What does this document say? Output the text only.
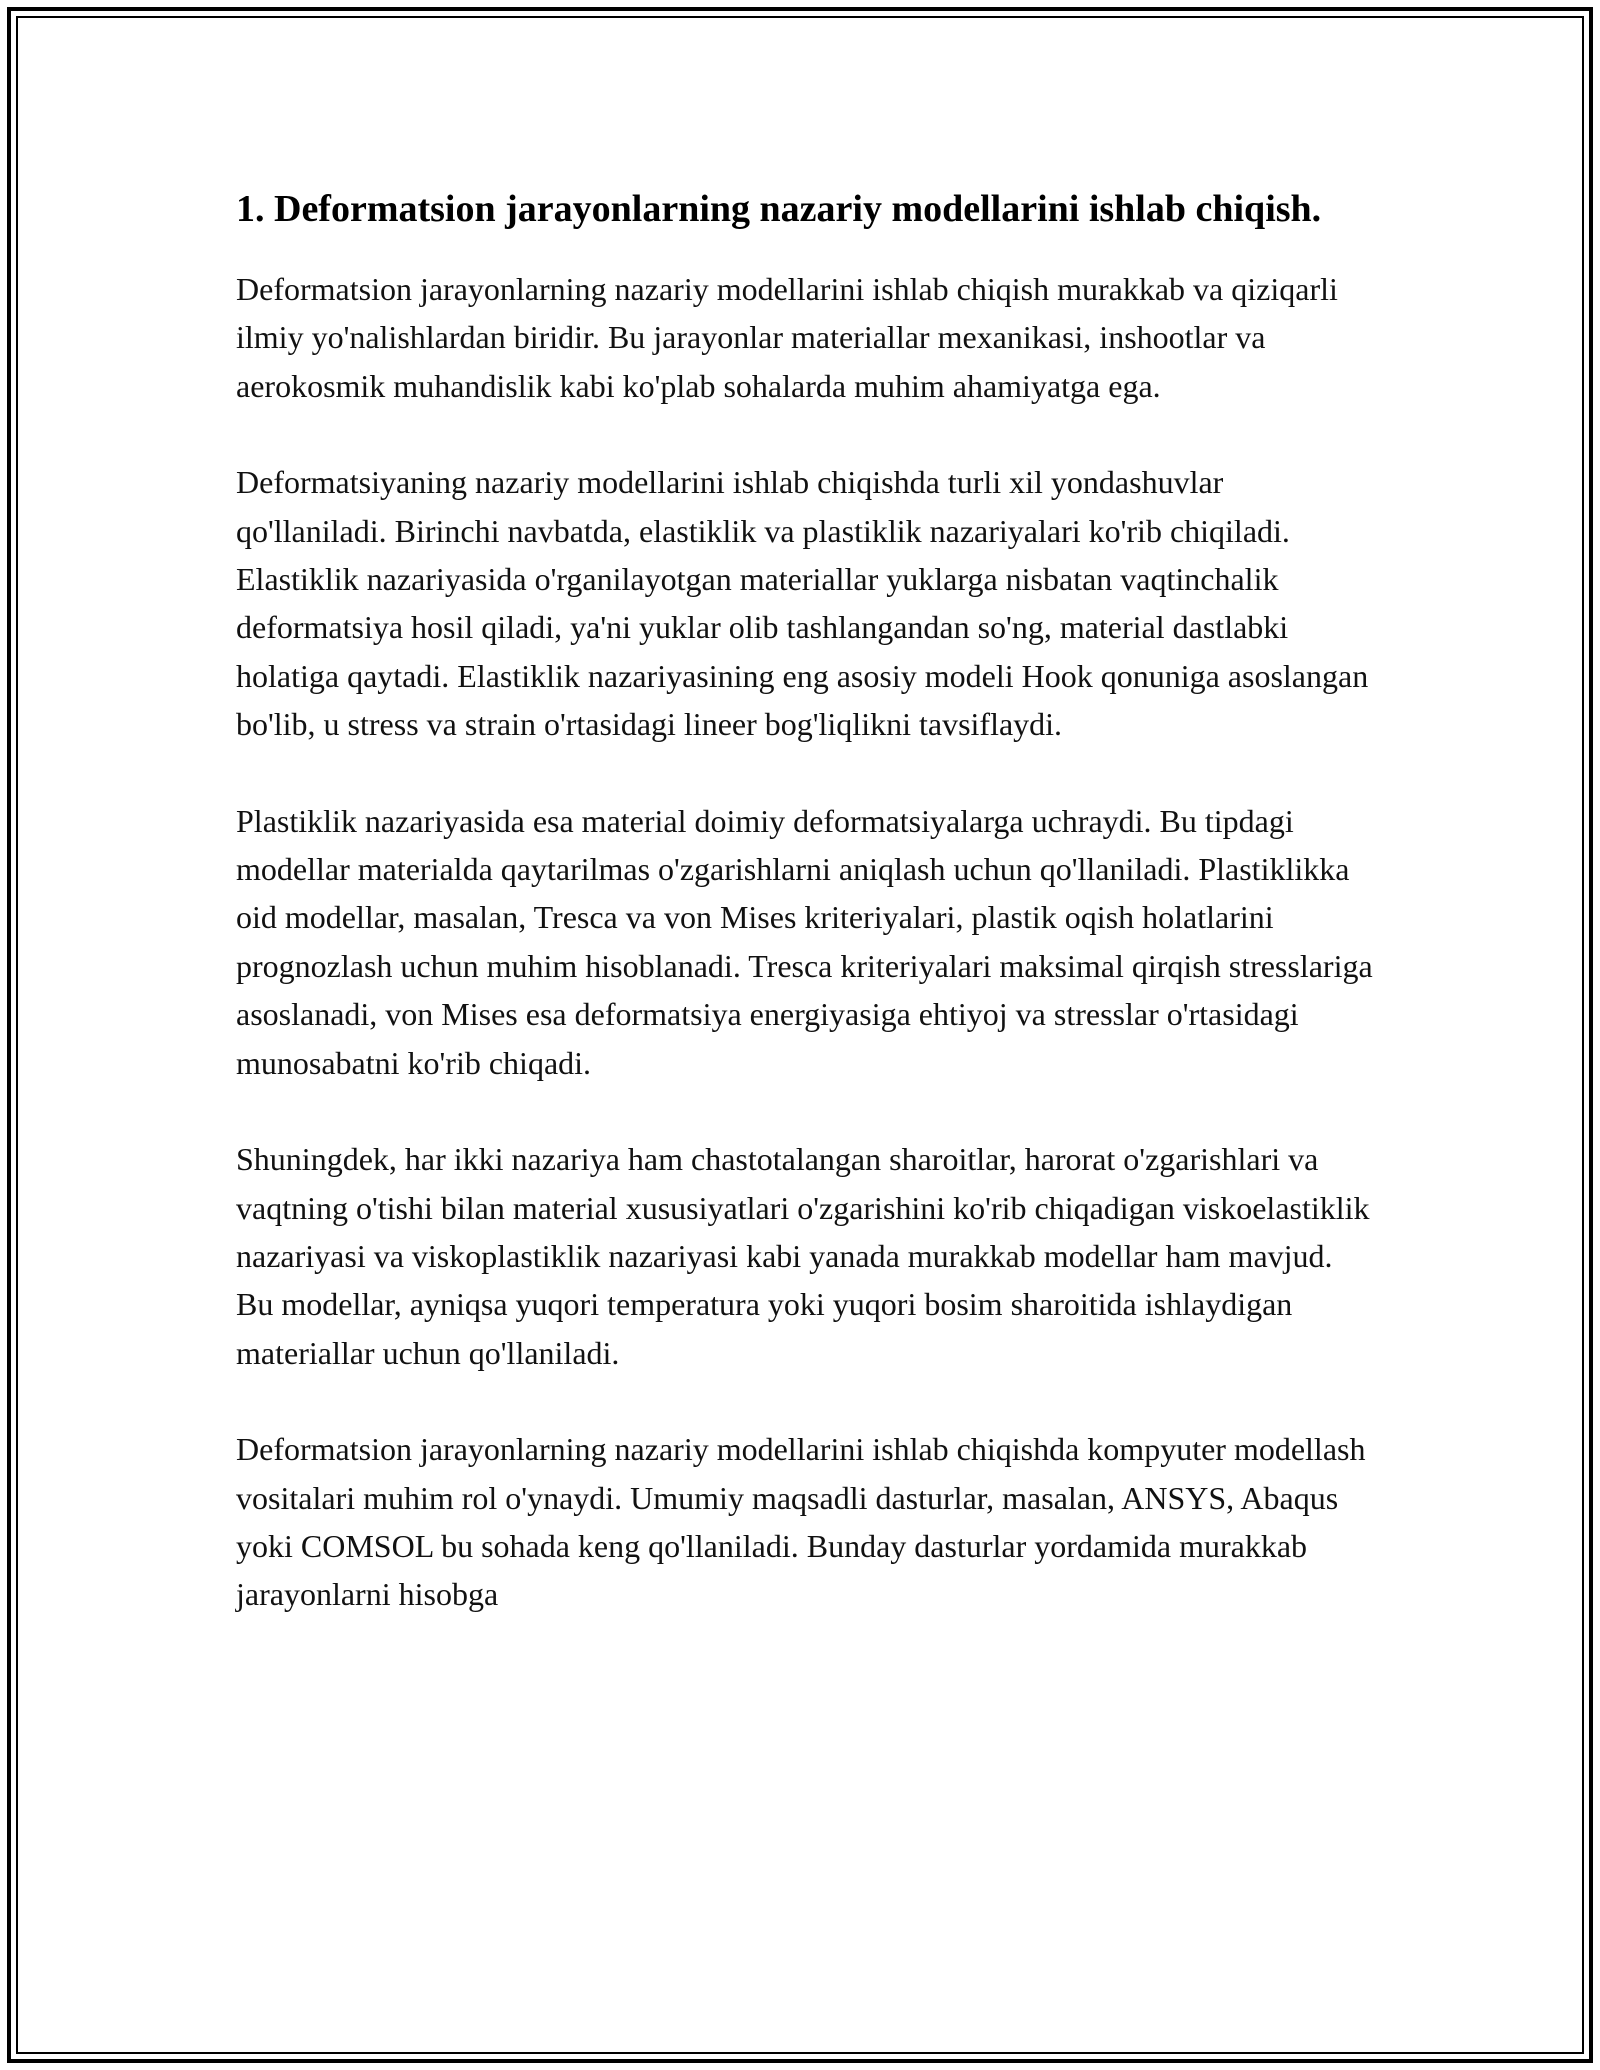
1. Deformatsion jarayonlarning nazariy modellarini ishlab chiqish.

Deformatsion jarayonlarning nazariy modellarini ishlab chiqish murakkab va qiziqarli ilmiy yo'nalishlardan biridir. Bu jarayonlar materiallar mexanikasi, inshootlar va aerokosmik muhandislik kabi ko'plab sohalarda muhim ahamiyatga ega.

Deformatsiyaning nazariy modellarini ishlab chiqishda turli xil yondashuvlar qo'llaniladi. Birinchi navbatda, elastiklik va plastiklik nazariyalari ko'rib chiqiladi. Elastiklik nazariyasida o'rganilayotgan materiallar yuklarga nisbatan vaqtinchalik deformatsiya hosil qiladi, ya'ni yuklar olib tashlangandan so'ng, material dastlabki holatiga qaytadi. Elastiklik nazariyasining eng asosiy modeli Hook qonuniga asoslangan bo'lib, u stress va strain o'rtasidagi lineer bog'liqlikni tavsiflaydi.

Plastiklik nazariyasida esa material doimiy deformatsiyalarga uchraydi. Bu tipdagi modellar materialda qaytarilmas o'zgarishlarni aniqlash uchun qo'llaniladi. Plastiklikka oid modellar, masalan, Tresca va von Mises kriteriyalari, plastik oqish holatlarini prognozlash uchun muhim hisoblanadi. Tresca kriteriyalari maksimal qirqish stresslariga asoslanadi, von Mises esa deformatsiya energiyasiga ehtiyoj va stresslar o'rtasidagi munosabatni ko'rib chiqadi.

Shuningdek, har ikki nazariya ham chastotalangan sharoitlar, harorat o'zgarishlari va vaqtning o'tishi bilan material xususiyatlari o'zgarishini ko'rib chiqadigan viskoelastiklik nazariyasi va viskoplastiklik nazariyasi kabi yanada murakkab modellar ham mavjud. Bu modellar, ayniqsa yuqori temperatura yoki yuqori bosim sharoitida ishlaydigan materiallar uchun qo'llaniladi.

Deformatsion jarayonlarning nazariy modellarini ishlab chiqishda kompyuter modellash vositalari muhim rol o'ynaydi. Umumiy maqsadli dasturlar, masalan, ANSYS, Abaqus yoki COMSOL bu sohada keng qo'llaniladi. Bunday dasturlar yordamida murakkab jarayonlarni hisobga
